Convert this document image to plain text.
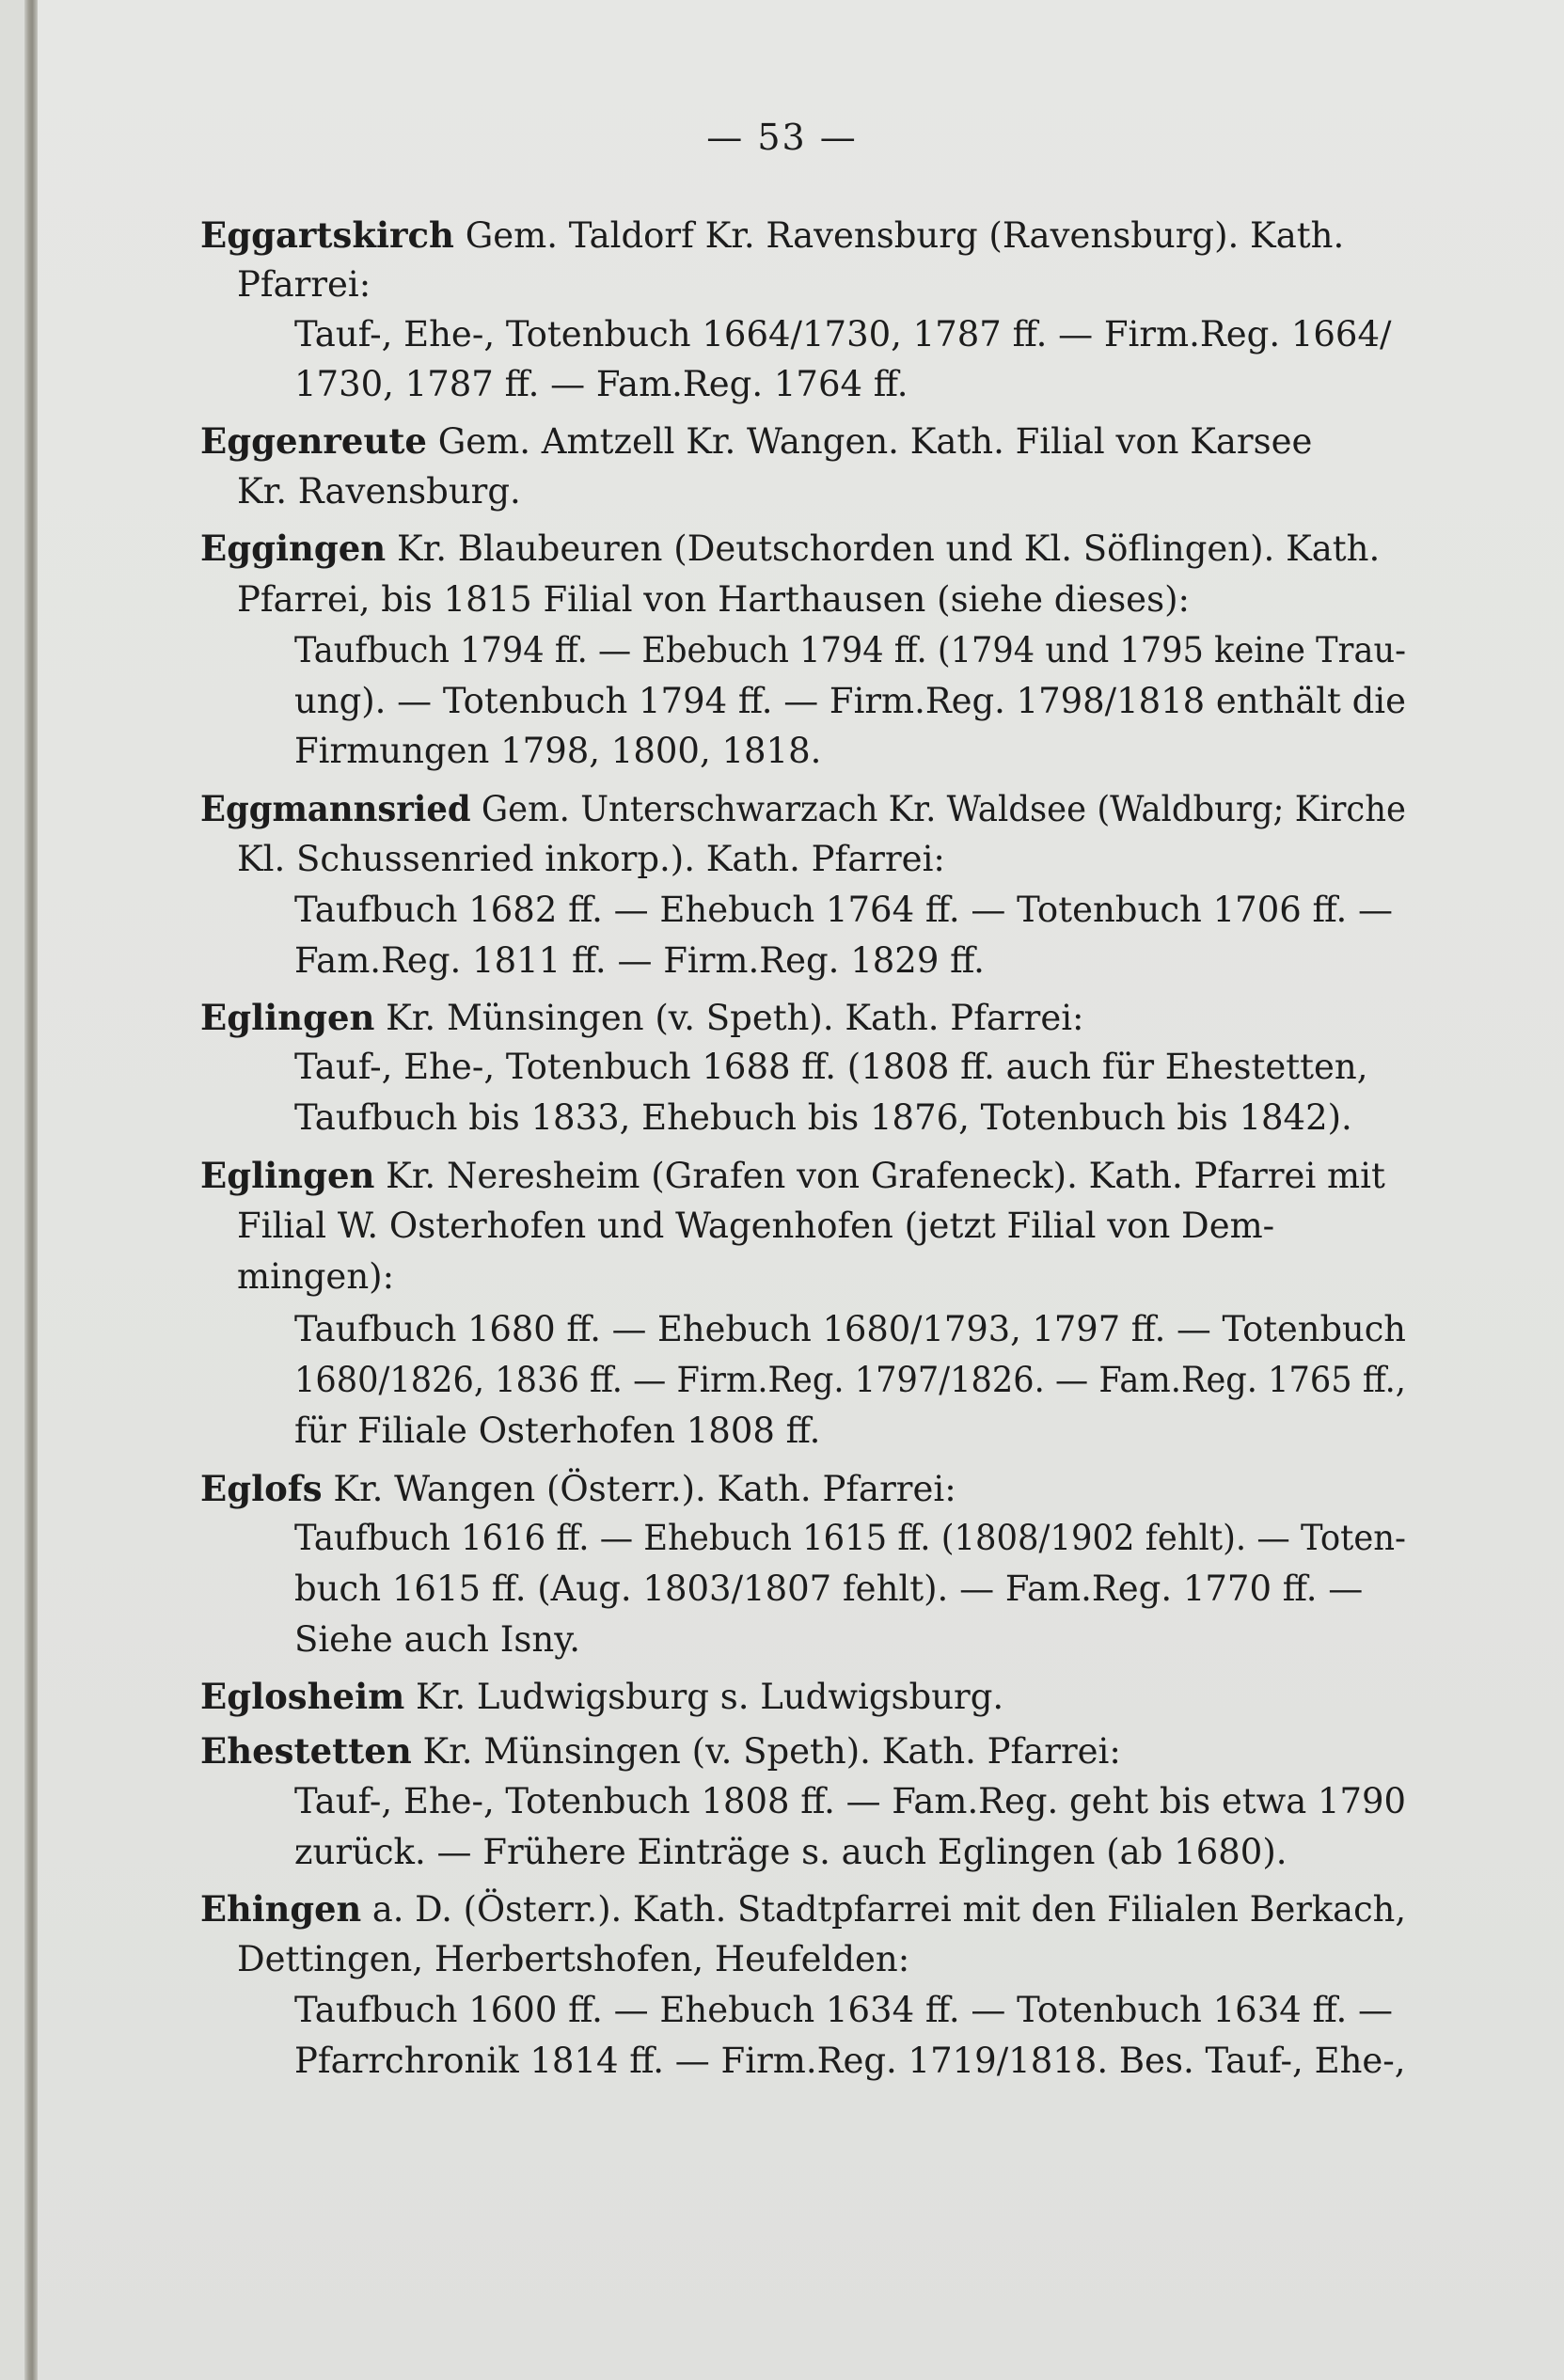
— 53 —
Eggartskirch Gem. Taldorf Kr. Ravensburg (Ravensburg). Kath.
Pfarrei:
Tauf-, Ehe-, Totenbuch 1664/1730, 1787 ff. — Firm.Reg. 1664/
1730, 1787 ff. — Fam.Reg. 1764 ff.
Eggenreute Gem. Amtzell Kr. Wangen. Kath. Filial von Karsee
Kr. Ravensburg.
Eggingen Kr. Blaubeuren (Deutschorden und Kl. Söflingen). Kath.
Pfarrei, bis 1815 Filial von Harthausen (siehe dieses):
Taufbuch 1794 ff. — Ebebuch 1794 ff. (1794 und 1795 keine Trau-
ung). — Totenbuch 1794 ff. — Firm.Reg. 1798/1818 enthält die
Firmungen 1798, 1800, 1818.
Eggmannsried Gem. Unterschwarzach Kr. Waldsee (Waldburg; Kirche
Kl. Schussenried inkorp.). Kath. Pfarrei:
Taufbuch 1682 ff. — Ehebuch 1764 ff. — Totenbuch 1706 ff. —
Fam.Reg. 1811 ff. — Firm.Reg. 1829 ff.
Eglingen Kr. Münsingen (v. Speth). Kath. Pfarrei:
Tauf-, Ehe-, Totenbuch 1688 ff. (1808 ff. auch für Ehestetten,
Taufbuch bis 1833, Ehebuch bis 1876, Totenbuch bis 1842).
Eglingen Kr. Neresheim (Grafen von Grafeneck). Kath. Pfarrei mit
Filial W. Osterhofen und Wagenhofen (jetzt Filial von Dem-
mingen):
Taufbuch 1680 ff. — Ehebuch 1680/1793, 1797 ff. — Totenbuch
1680/1826, 1836 ff. — Firm.Reg. 1797/1826. — Fam.Reg. 1765 ff.,
für Filiale Osterhofen 1808 ff.
Eglofs Kr. Wangen (Österr.). Kath. Pfarrei:
Taufbuch 1616 ff. — Ehebuch 1615 ff. (1808/1902 fehlt). — Toten-
buch 1615 ff. (Aug. 1803/1807 fehlt). — Fam.Reg. 1770 ff. —
Siehe auch Isny.
Eglosheim Kr. Ludwigsburg s. Ludwigsburg.
Ehestetten Kr. Münsingen (v. Speth). Kath. Pfarrei:
Tauf-, Ehe-, Totenbuch 1808 ff. — Fam.Reg. geht bis etwa 1790
zurück. — Frühere Einträge s. auch Eglingen (ab 1680).
Ehingen a. D. (Österr.). Kath. Stadtpfarrei mit den Filialen Berkach,
Dettingen, Herbertshofen, Heufelden:
Taufbuch 1600 ff. — Ehebuch 1634 ff. — Totenbuch 1634 ff. —
Pfarrchronik 1814 ff. — Firm.Reg. 1719/1818. Bes. Tauf-, Ehe-,
